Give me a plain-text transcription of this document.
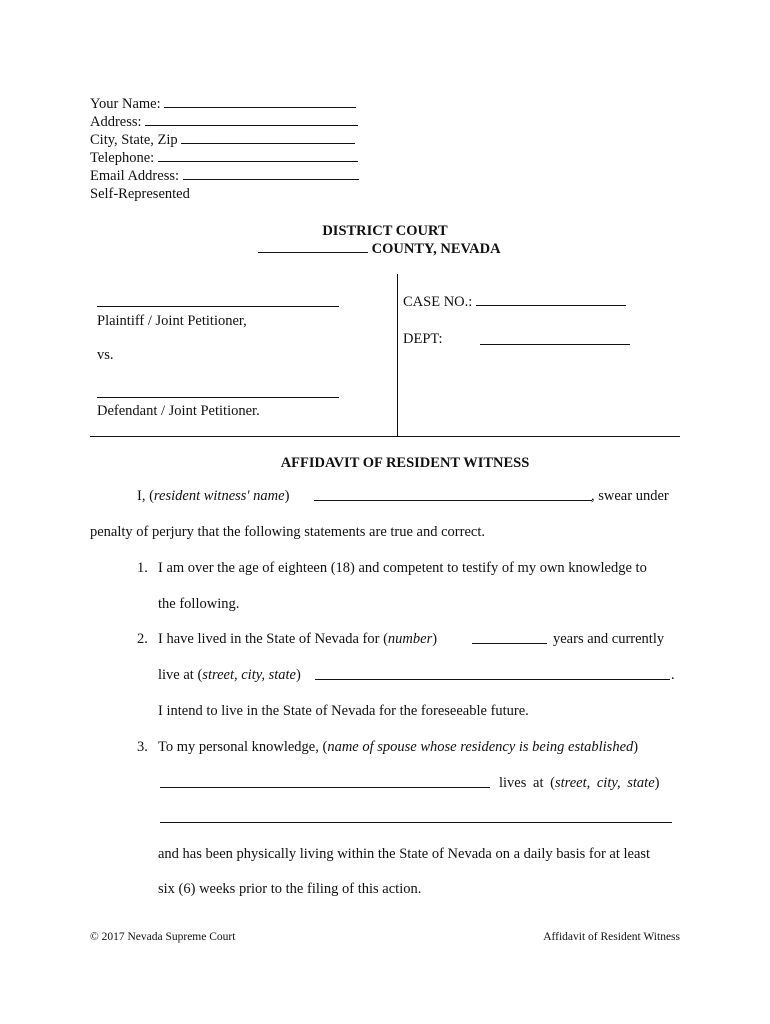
Your Name:
Address:
City, State, Zip
Telephone:
Email Address:
Self-Represented
DISTRICT COURT
COUNTY, NEVADA
Plaintiff / Joint Petitioner,
vs.
Defendant / Joint Petitioner.
CASE NO.:
DEPT:
AFFIDAVIT OF RESIDENT WITNESS
I, (resident witness' name)	, swear under
penalty of perjury that the following statements are true and correct.
1. I am over the age of eighteen (18) and competent to testify of my own knowledge to
the following.
2. I have lived in the State of Nevada for (number)	years and currently
live at (street, city, state)	.
I intend to live in the State of Nevada for the foreseeable future.
3. To my personal knowledge, (name of spouse whose residency is being established)
lives at (street, city, state)
and has been physically living within the State of Nevada on a daily basis for at least
six (6) weeks prior to the filing of this action.
© 2017 Nevada Supreme Court	Affidavit of Resident Witness
